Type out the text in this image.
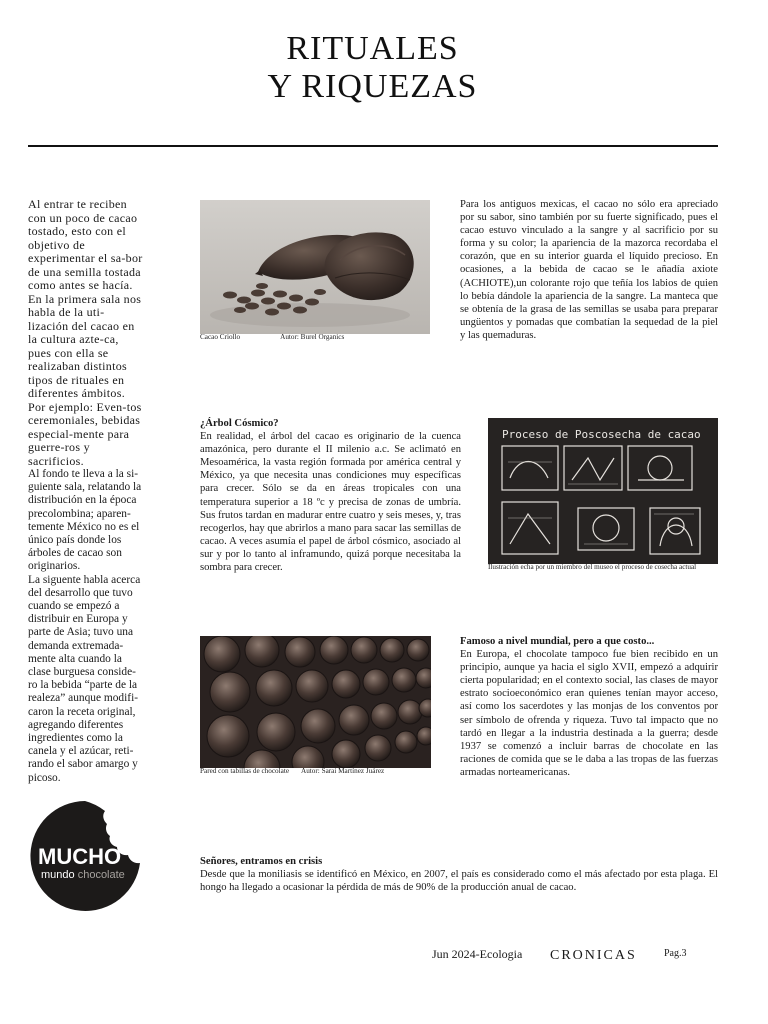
RITUALES
Y RIQUEZAS

Al entrar te reciben con un poco de cacao tostado, esto con el objetivo de experimentar el sa-bor de una semilla tostada como antes se hacía.

En la primera sala nos habla de la uti-lización del cacao en la cultura azte-ca, pues con ella se realizaban distintos tipos de rituales en diferentes ámbitos. Por ejemplo: Even-tos ceremoniales, bebidas especial-mente para guerre-ros y sacrificios.

Al fondo te lleva a la si-guiente sala, relatando la distribución en la época precolombina; aparen-temente México no es el único país donde los árboles de cacao son originarios.

La siguente habla acerca del desarrollo que tuvo cuando se empezó a distribuir en Europa y parte de Asia; tuvo una demanda extremada-mente alta cuando la clase burguesa conside-ro la bebida “parte de la realeza” aunque modifi-caron la receta original, agregando diferentes ingredientes como la canela y el azúcar, reti-rando el sabor amargo y picoso.

Cacao Criollo	Autor: Burel Organics

Para los antiguos mexicas, el cacao no sólo era apreciado por su sabor, sino también por su fuerte significado, pues el cacao estuvo vinculado a la sangre y al sacrificio por su forma y su color; la apariencia de la mazorca recordaba el corazón, que en su interior guarda el líquido precioso. En ocasiones, a la bebida de cacao se le añadía axiote (ACHIOTE),un colorante rojo que teñía los labios de quien lo bebía dándole la apariencia de la sangre. La manteca que se obtenía de la grasa de las semillas se usaba para preparar ungüentos y pomadas que combatían la sequedad de la piel y las quemaduras.

¿Árbol Cósmico?

En realidad, el árbol del cacao es originario de la cuenca amazónica, pero durante el II milenio a.c. Se aclimató en Mesoamérica, la vasta región formada por américa central y México, ya que necesita unas condiciones muy específicas para crecer. Sólo se da en áreas tropicales con una temperatura superior a 18 ºc y precisa de zonas de umbría. Sus frutos tardan en madurar entre cuatro y seis meses, y, tras recogerlos, hay que abrirlos a mano para sacar las semillas de cacao. A veces asumía el papel de árbol cósmico, asociado al sur y por lo tanto al inframundo, quizá porque necesitaba la sombra para crecer.

Proceso de Poscosecha de cacao
Ilustración echa por un miembro del museo el proceso de cosecha actual
Pared con tabillas de chocolate Autor: Sarai Martínez Juárez

Famoso a nivel mundial, pero a que costo...

En Europa, el chocolate tampoco fue bien recibido en un principio, aunque ya hacia el siglo XVII, empezó a adquirir cierta popularidad; en el contexto social, las clases de mayor estrato socioeconómico eran quienes tenían mayor acceso, así como los sacerdotes y las monjas de los conventos por ser símbolo de ofrenda y riqueza. Tuvo tal impacto que no tardó en llegar a la industria destinada a la guerra; desde 1937 se comenzó a incluir barras de chocolate en las raciones de comida que se le daba a las tropas de las fuerzas armadas norteamericanas.

MUCHO
mundo chocolate

Señores, entramos en crisis

Desde que la moniliasis se identificó en México, en 2007, el país es considerado como el más afectado por esta plaga. El hongo ha llegado a ocasionar la pérdida de más de 90% de la producción anual de cacao.

Jun 2024-Ecologia CRONICAS	Pag.3
